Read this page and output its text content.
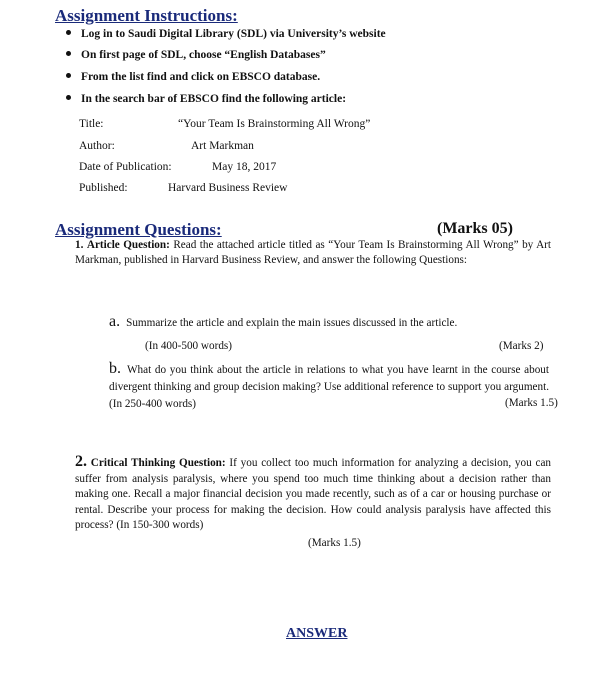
Assignment Instructions:
Log in to Saudi Digital Library (SDL) via University’s website
On first page of SDL, choose “English Databases”
From the list find and click on EBSCO database.
In the search bar of EBSCO find the following article:
Title:	“Your Team Is Brainstorming All Wrong”
Author:	Art Markman
Date of Publication:	May 18, 2017
Published:	Harvard Business Review
Assignment Questions:	(Marks 05)
1. Article Question: Read the attached article titled as “Your Team Is Brainstorming All Wrong” by Art Markman, published in Harvard Business Review, and answer the following Questions:
a. Summarize the article and explain the main issues discussed in the article.
(In 400-500 words)	(Marks 2)
b. What do you think about the article in relations to what you have learnt in the course about divergent thinking and group decision making? Use additional reference to support you argument. (In 250-400 words)	(Marks 1.5)
2. Critical Thinking Question: If you collect too much information for analyzing a decision, you can suffer from analysis paralysis, where you spend too much time thinking about a decision rather than making one. Recall a major financial decision you made recently, such as of a car or housing purchase or rental. Describe your process for making the decision. How could analysis paralysis have affected this process? (In 150-300 words)
(Marks 1.5)
ANSWER
